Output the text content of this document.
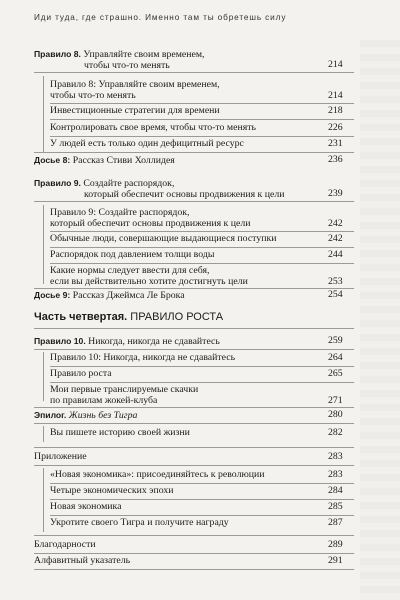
Иди туда, где страшно. Именно там ты обретешь силу
Правило 8. Управляйте своим временем,
чтобы что-то менять	214
Правило 8: Управляйте своим временем,
чтобы что-то менять	214
Инвестиционные стратегии для времени	218
Контролировать свое время, чтобы что-то менять	226
У людей есть только один дефицитный ресурс	231
Досье 8: Рассказ Стиви Холлидея	236
Правило 9. Создайте распорядок,
который обеспечит основы продвижения к цели	239
Правило 9: Создайте распорядок,
который обеспечит основы продвижения к цели	242
Обычные люди, совершающие выдающиеся поступки	242
Распорядок под давлением толщи воды	244
Какие нормы следует ввести для себя,
если вы действительно хотите достигнуть цели	253
Досье 9: Рассказ Джеймса Ле Брока	254
Часть четвертая. ПРАВИЛО РОСТА
Правило 10. Никогда, никогда не сдавайтесь	259
Правило 10: Никогда, никогда не сдавайтесь	264
Правило роста	265
Мои первые транслируемые скачки
по правилам жокей-клуба	271
Эпилог. Жизнь без Тигра	280
Вы пишете историю своей жизни	282
Приложение	283
«Новая экономика»: присоединяйтесь к революции	283
Четыре экономических эпохи	284
Новая экономика	285
Укротите своего Тигра и получите награду	287
Благодарности	289
Алфавитный указатель	291
